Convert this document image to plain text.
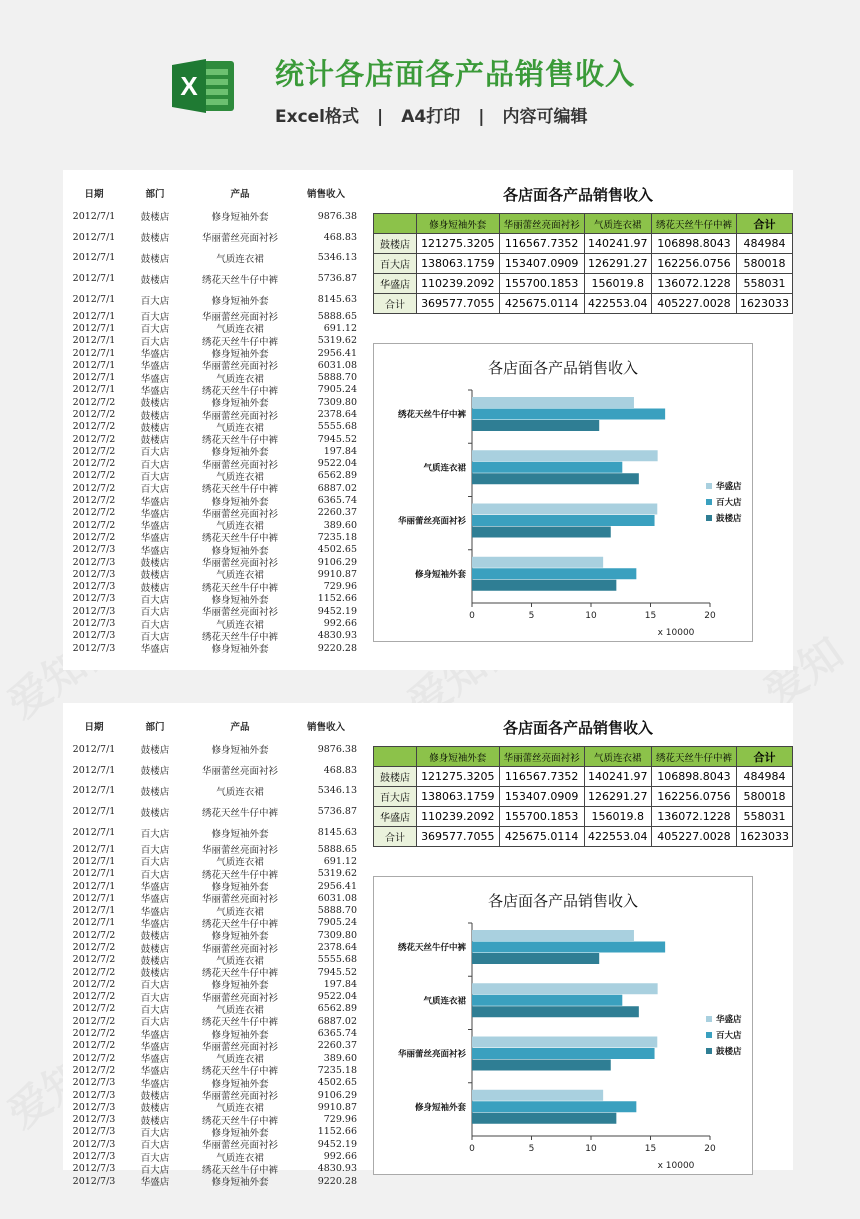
X	统计各店面各产品销售收入
Excel格式 | A4打印 | 内容可编辑
日期	部门	产品	销售收入
2012/7/1	鼓楼店	修身短袖外套	9876.38
2012/7/1	鼓楼店	华丽蕾丝亮面衬衫	468.83
2012/7/1	鼓楼店	气质连衣裙	5346.13
2012/7/1	鼓楼店	绣花天丝牛仔中裤	5736.87
2012/7/1	百大店	修身短袖外套	8145.63
2012/7/1	百大店	华丽蕾丝亮面衬衫	5888.65
2012/7/1	百大店	气质连衣裙	691.12
2012/7/1	百大店	绣花天丝牛仔中裤	5319.62
2012/7/1	华盛店	修身短袖外套	2956.41
2012/7/1	华盛店	华丽蕾丝亮面衬衫	6031.08
2012/7/1	华盛店	气质连衣裙	5888.70
2012/7/1	华盛店	绣花天丝牛仔中裤	7905.24
2012/7/2	鼓楼店	修身短袖外套	7309.80
2012/7/2	鼓楼店	华丽蕾丝亮面衬衫	2378.64
2012/7/2	鼓楼店	气质连衣裙	5555.68
2012/7/2	鼓楼店	绣花天丝牛仔中裤	7945.52
2012/7/2	百大店	修身短袖外套	197.84
2012/7/2	百大店	华丽蕾丝亮面衬衫	9522.04
2012/7/2	百大店	气质连衣裙	6562.89
2012/7/2	百大店	绣花天丝牛仔中裤	6887.02
2012/7/2	华盛店	修身短袖外套	6365.74
2012/7/2	华盛店	华丽蕾丝亮面衬衫	2260.37
2012/7/2	华盛店	气质连衣裙	389.60
2012/7/2	华盛店	绣花天丝牛仔中裤	7235.18
2012/7/3	华盛店	修身短袖外套	4502.65
2012/7/3	鼓楼店	华丽蕾丝亮面衬衫	9106.29
2012/7/3	鼓楼店	气质连衣裙	9910.87
2012/7/3	鼓楼店	绣花天丝牛仔中裤	729.96
2012/7/3	百大店	修身短袖外套	1152.66
2012/7/3	百大店	华丽蕾丝亮面衬衫	9452.19
2012/7/3	百大店	气质连衣裙	992.66
2012/7/3	百大店	绣花天丝牛仔中裤	4830.93
2012/7/3	华盛店	修身短袖外套	9220.28
各店面各产品销售收入
	修身短袖外套	华丽蕾丝亮面衬衫	气质连衣裙	绣花天丝牛仔中裤	合计
鼓楼店	121275.3205	116567.7352	140241.97	106898.8043	484984
百大店	138063.1759	153407.0909	126291.27	162256.0756	580018
华盛店	110239.2092	155700.1853	156019.8	136072.1228	558031
合计	369577.7055	425675.0114	422553.04	405227.0028	1623033
各店面各产品销售收入
0	5	10	15	20
x 10000
修身短袖外套
华丽蕾丝亮面衬衫
气质连衣裙
绣花天丝牛仔中裤
华盛店
百大店
鼓楼店
日期	部门	产品	销售收入
2012/7/1	鼓楼店	修身短袖外套	9876.38
2012/7/1	鼓楼店	华丽蕾丝亮面衬衫	468.83
2012/7/1	鼓楼店	气质连衣裙	5346.13
2012/7/1	鼓楼店	绣花天丝牛仔中裤	5736.87
2012/7/1	百大店	修身短袖外套	8145.63
2012/7/1	百大店	华丽蕾丝亮面衬衫	5888.65
2012/7/1	百大店	气质连衣裙	691.12
2012/7/1	百大店	绣花天丝牛仔中裤	5319.62
2012/7/1	华盛店	修身短袖外套	2956.41
2012/7/1	华盛店	华丽蕾丝亮面衬衫	6031.08
2012/7/1	华盛店	气质连衣裙	5888.70
2012/7/1	华盛店	绣花天丝牛仔中裤	7905.24
2012/7/2	鼓楼店	修身短袖外套	7309.80
2012/7/2	鼓楼店	华丽蕾丝亮面衬衫	2378.64
2012/7/2	鼓楼店	气质连衣裙	5555.68
2012/7/2	鼓楼店	绣花天丝牛仔中裤	7945.52
2012/7/2	百大店	修身短袖外套	197.84
2012/7/2	百大店	华丽蕾丝亮面衬衫	9522.04
2012/7/2	百大店	气质连衣裙	6562.89
2012/7/2	百大店	绣花天丝牛仔中裤	6887.02
2012/7/2	华盛店	修身短袖外套	6365.74
2012/7/2	华盛店	华丽蕾丝亮面衬衫	2260.37
2012/7/2	华盛店	气质连衣裙	389.60
2012/7/2	华盛店	绣花天丝牛仔中裤	7235.18
2012/7/3	华盛店	修身短袖外套	4502.65
2012/7/3	鼓楼店	华丽蕾丝亮面衬衫	9106.29
2012/7/3	鼓楼店	气质连衣裙	9910.87
2012/7/3	鼓楼店	绣花天丝牛仔中裤	729.96
2012/7/3	百大店	修身短袖外套	1152.66
2012/7/3	百大店	华丽蕾丝亮面衬衫	9452.19
2012/7/3	百大店	气质连衣裙	992.66
2012/7/3	百大店	绣花天丝牛仔中裤	4830.93
2012/7/3	华盛店	修身短袖外套	9220.28
各店面各产品销售收入
	修身短袖外套	华丽蕾丝亮面衬衫	气质连衣裙	绣花天丝牛仔中裤	合计
鼓楼店	121275.3205	116567.7352	140241.97	106898.8043	484984
百大店	138063.1759	153407.0909	126291.27	162256.0756	580018
华盛店	110239.2092	155700.1853	156019.8	136072.1228	558031
合计	369577.7055	425675.0114	422553.04	405227.0028	1623033
各店面各产品销售收入
0	5	10	15	20
x 10000
修身短袖外套
华丽蕾丝亮面衬衫
气质连衣裙
绣花天丝牛仔中裤
华盛店
百大店
鼓楼店
